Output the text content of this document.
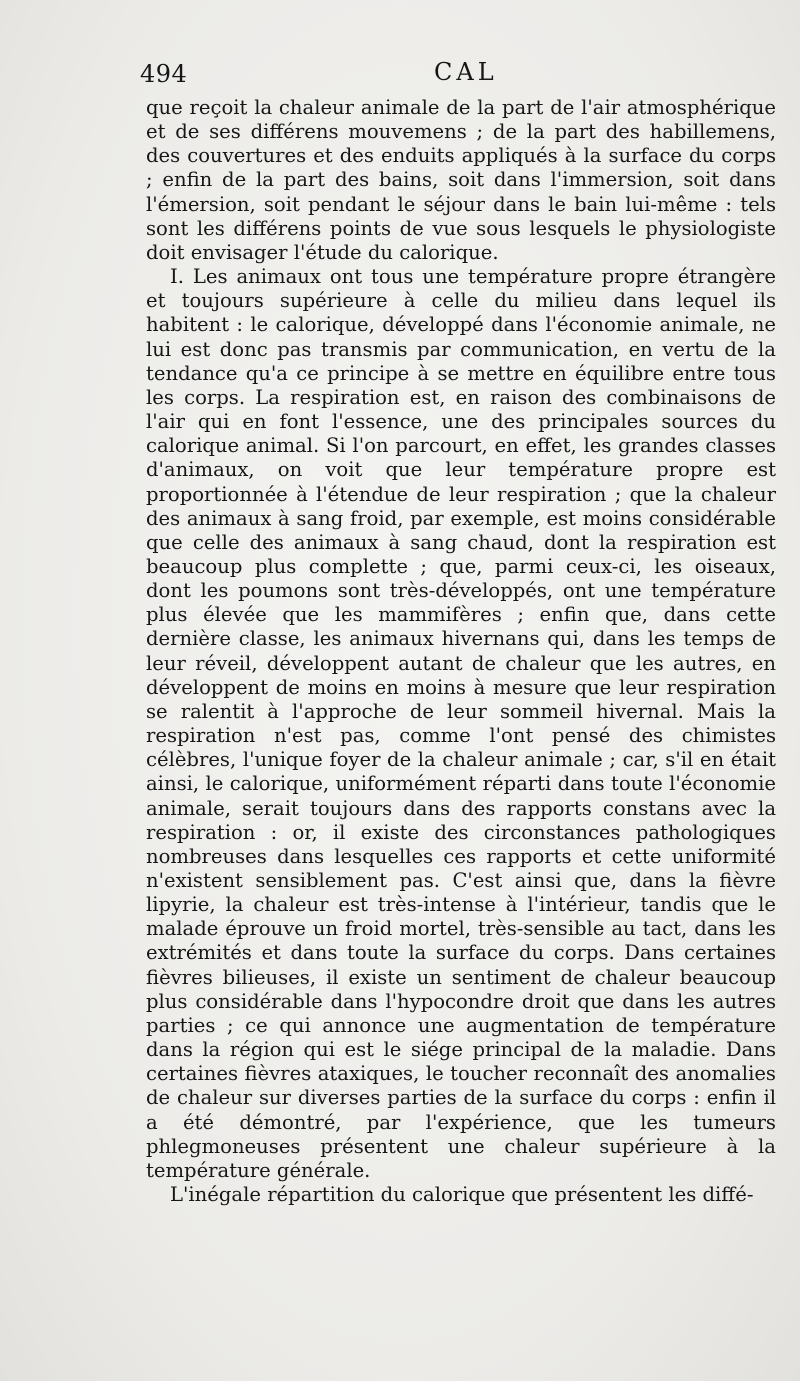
494	CAL

que reçoit la chaleur animale de la part de l'air atmosphérique et de ses différens mouvemens ; de la part des habillemens, des couvertures et des enduits appliqués à la surface du corps ; enfin de la part des bains, soit dans l'immersion, soit dans l'émersion, soit pendant le séjour dans le bain lui-même : tels sont les différens points de vue sous lesquels le physiologiste doit envisager l'étude du calorique.

I. Les animaux ont tous une température propre étrangère et toujours supérieure à celle du milieu dans lequel ils habitent : le calorique, développé dans l'économie animale, ne lui est donc pas transmis par communication, en vertu de la tendance qu'a ce principe à se mettre en équilibre entre tous les corps. La respiration est, en raison des combinaisons de l'air qui en font l'essence, une des principales sources du calorique animal. Si l'on parcourt, en effet, les grandes classes d'animaux, on voit que leur température propre est proportionnée à l'étendue de leur respiration ; que la chaleur des animaux à sang froid, par exemple, est moins considérable que celle des animaux à sang chaud, dont la respiration est beaucoup plus complette ; que, parmi ceux-ci, les oiseaux, dont les poumons sont très-développés, ont une température plus élevée que les mammifères ; enfin que, dans cette dernière classe, les animaux hivernans qui, dans les temps de leur réveil, développent autant de chaleur que les autres, en développent de moins en moins à mesure que leur respiration se ralentit à l'approche de leur sommeil hivernal. Mais la respiration n'est pas, comme l'ont pensé des chimistes célèbres, l'unique foyer de la chaleur animale ; car, s'il en était ainsi, le calorique, uniformément réparti dans toute l'économie animale, serait toujours dans des rapports constans avec la respiration : or, il existe des circonstances pathologiques nombreuses dans lesquelles ces rapports et cette uniformité n'existent sensiblement pas. C'est ainsi que, dans la fièvre lipyrie, la chaleur est très-intense à l'intérieur, tandis que le malade éprouve un froid mortel, très-sensible au tact, dans les extrémités et dans toute la surface du corps. Dans certaines fièvres bilieuses, il existe un sentiment de chaleur beaucoup plus considérable dans l'hypocondre droit que dans les autres parties ; ce qui annonce une augmentation de température dans la région qui est le siége principal de la maladie. Dans certaines fièvres ataxiques, le toucher reconnaît des anomalies de chaleur sur diverses parties de la surface du corps : enfin il a été démontré, par l'expérience, que les tumeurs phlegmoneuses présentent une chaleur supérieure à la température générale.

L'inégale répartition du calorique que présentent les diffé-
